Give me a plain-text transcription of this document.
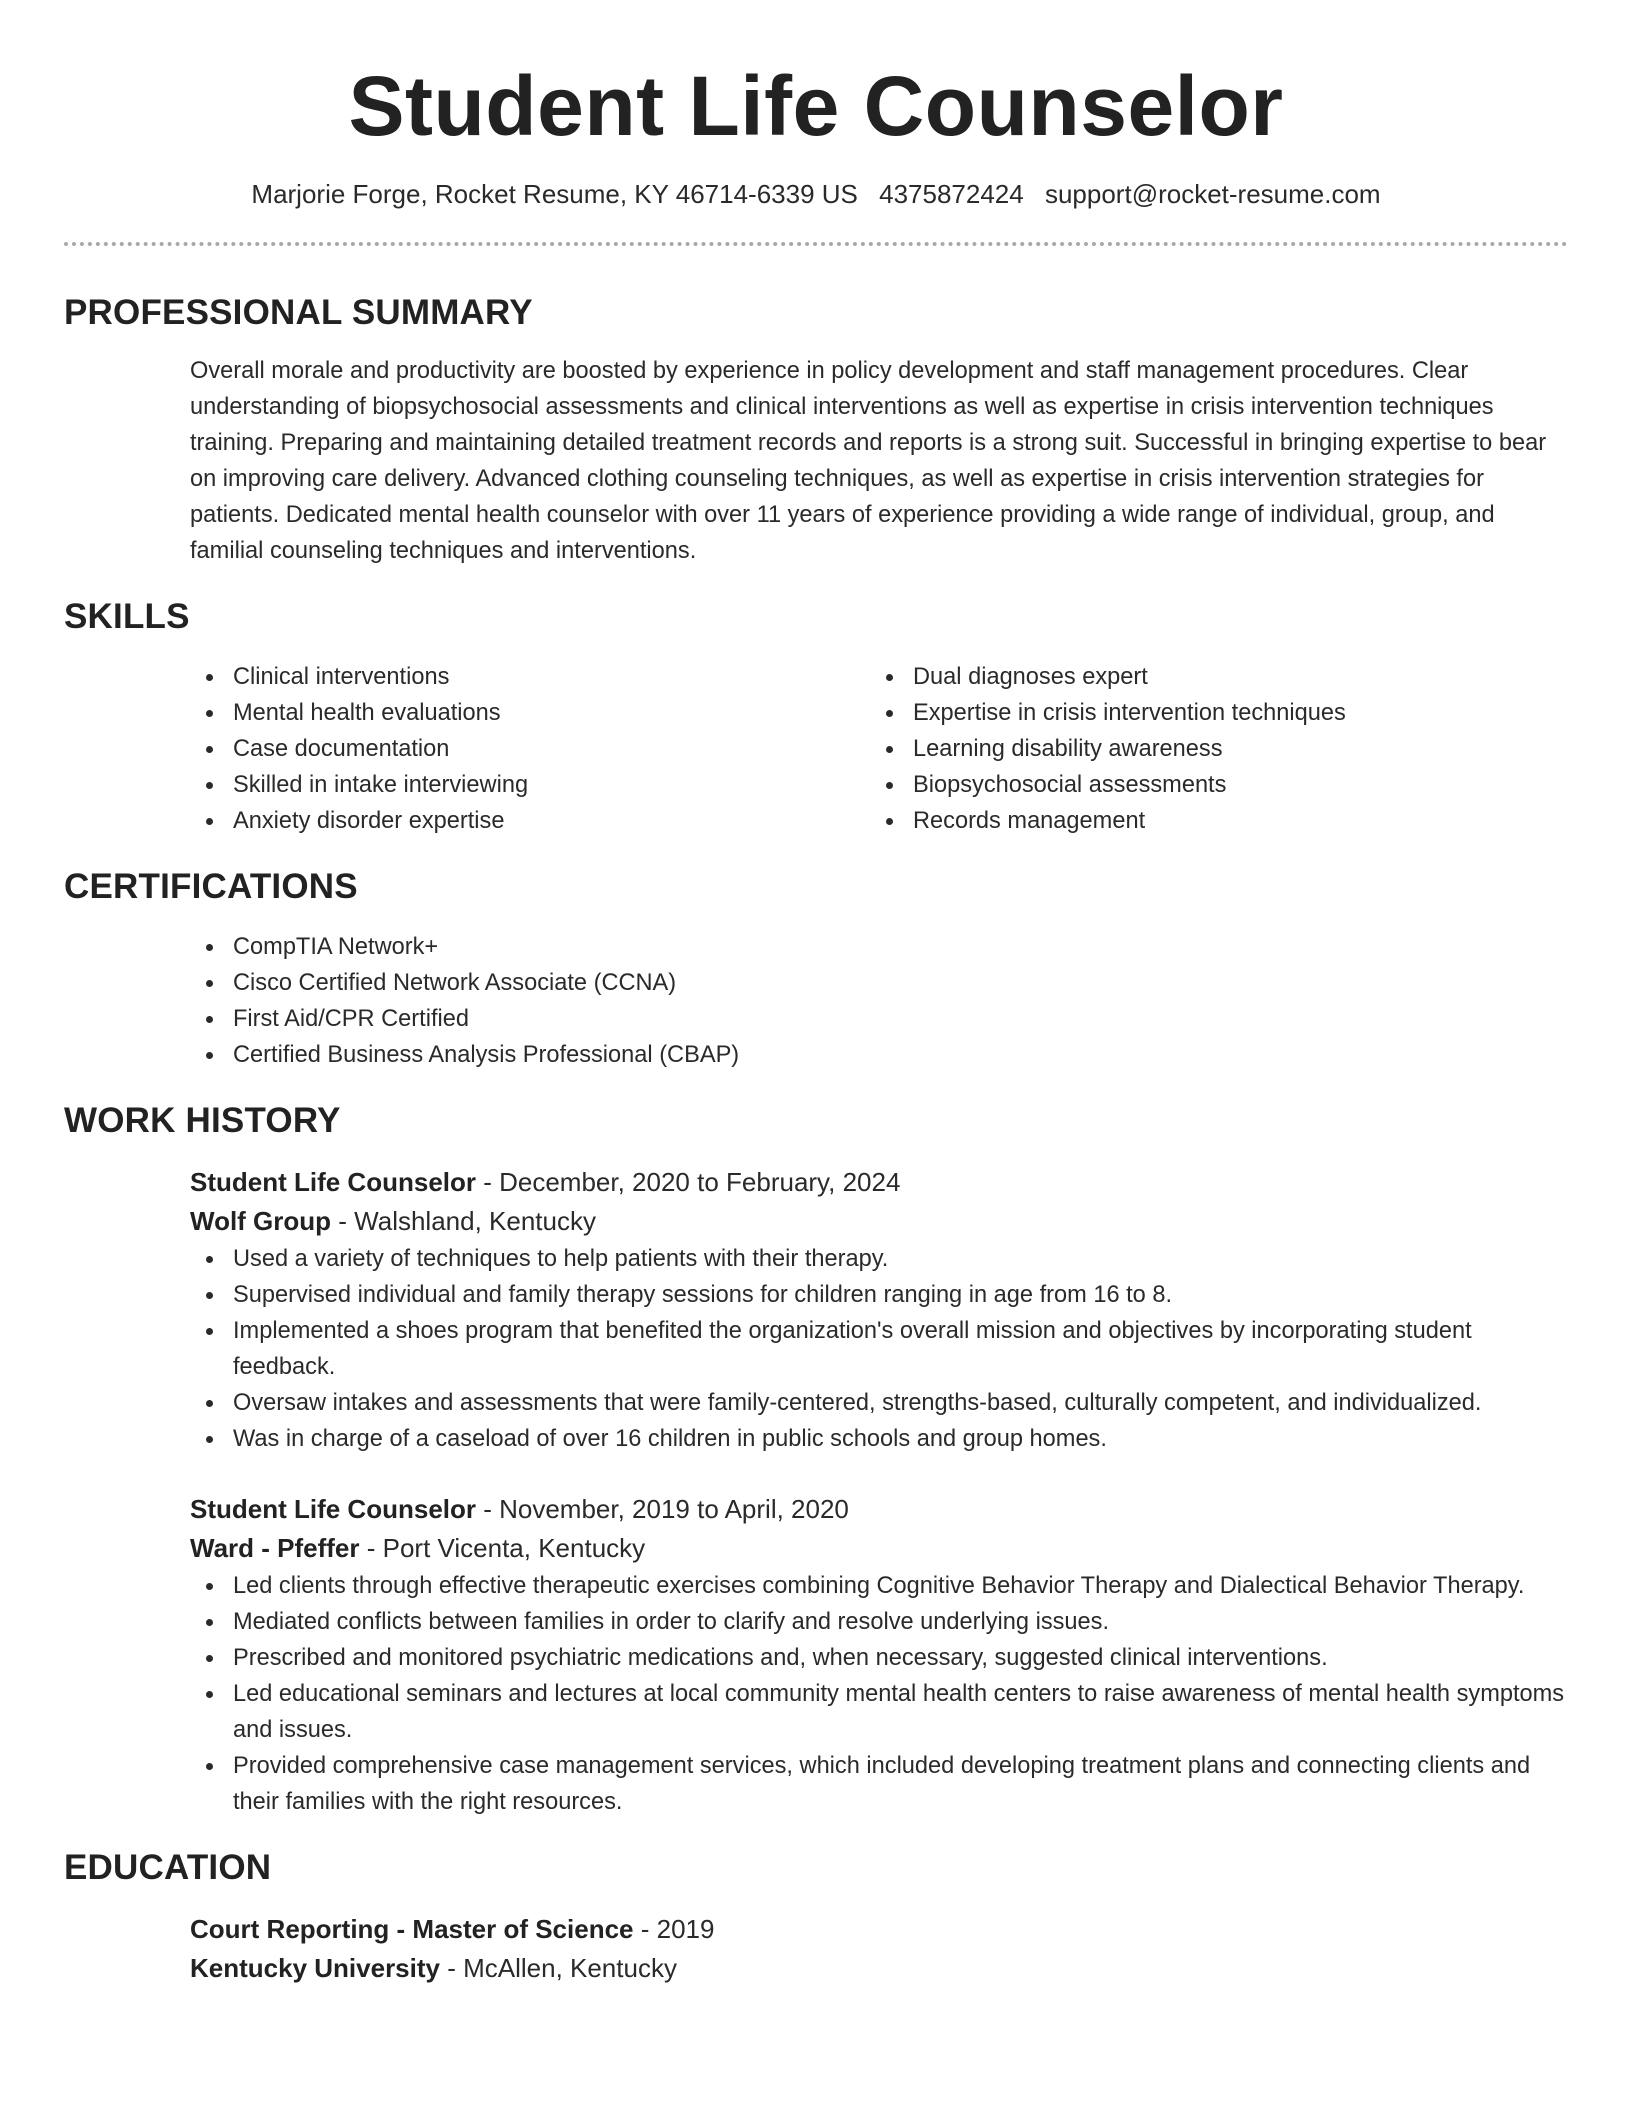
Student Life Counselor
Marjorie Forge, Rocket Resume, KY 46714-6339 US 4375872424 support@rocket-resume.com
PROFESSIONAL SUMMARY
Overall morale and productivity are boosted by experience in policy development and staff management procedures. Clear understanding of biopsychosocial assessments and clinical interventions as well as expertise in crisis intervention techniques training. Preparing and maintaining detailed treatment records and reports is a strong suit. Successful in bringing expertise to bear on improving care delivery. Advanced clothing counseling techniques, as well as expertise in crisis intervention strategies for patients. Dedicated mental health counselor with over 11 years of experience providing a wide range of individual, group, and familial counseling techniques and interventions.
SKILLS
Clinical interventions
Mental health evaluations
Case documentation
Skilled in intake interviewing
Anxiety disorder expertise
Dual diagnoses expert
Expertise in crisis intervention techniques
Learning disability awareness
Biopsychosocial assessments
Records management
CERTIFICATIONS
CompTIA Network+
Cisco Certified Network Associate (CCNA)
First Aid/CPR Certified
Certified Business Analysis Professional (CBAP)
WORK HISTORY
Student Life Counselor - December, 2020 to February, 2024
Wolf Group - Walshland, Kentucky
Used a variety of techniques to help patients with their therapy.
Supervised individual and family therapy sessions for children ranging in age from 16 to 8.
Implemented a shoes program that benefited the organization's overall mission and objectives by incorporating student feedback.
Oversaw intakes and assessments that were family-centered, strengths-based, culturally competent, and individualized.
Was in charge of a caseload of over 16 children in public schools and group homes.
Student Life Counselor - November, 2019 to April, 2020
Ward - Pfeffer - Port Vicenta, Kentucky
Led clients through effective therapeutic exercises combining Cognitive Behavior Therapy and Dialectical Behavior Therapy.
Mediated conflicts between families in order to clarify and resolve underlying issues.
Prescribed and monitored psychiatric medications and, when necessary, suggested clinical interventions.
Led educational seminars and lectures at local community mental health centers to raise awareness of mental health symptoms and issues.
Provided comprehensive case management services, which included developing treatment plans and connecting clients and their families with the right resources.
EDUCATION
Court Reporting - Master of Science - 2019
Kentucky University - McAllen, Kentucky
